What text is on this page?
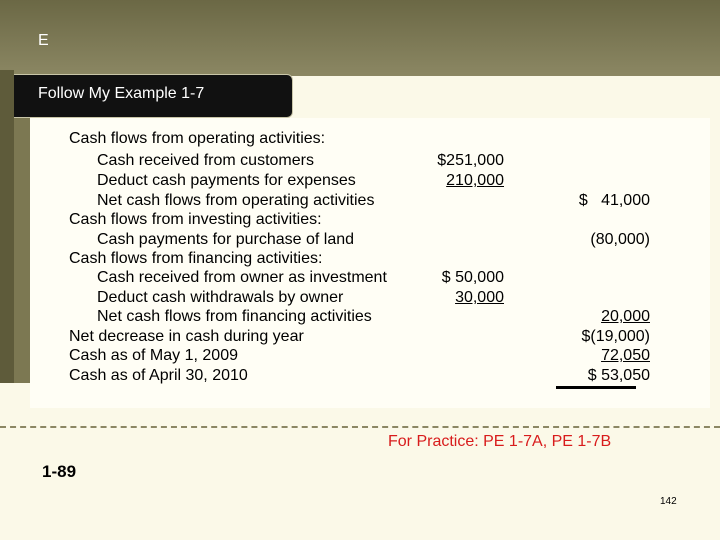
E
Follow My Example 1-7
Cash flows from operating activities:
Cash received from customers	$251,000
Deduct cash payments for expenses	210,000
Net cash flows from operating activities	$   41,000
Cash flows from investing activities:
Cash payments for purchase of land	(80,000)
Cash flows from financing activities:
Cash received from owner as investment	$ 50,000
Deduct cash withdrawals by owner	30,000
Net cash flows from financing activities	20,000
Net decrease in cash during year	$(19,000)
Cash as of May 1, 2009	72,050
Cash as of April 30, 2010	$ 53,050
For Practice: PE 1-7A, PE 1-7B
1-89
142
